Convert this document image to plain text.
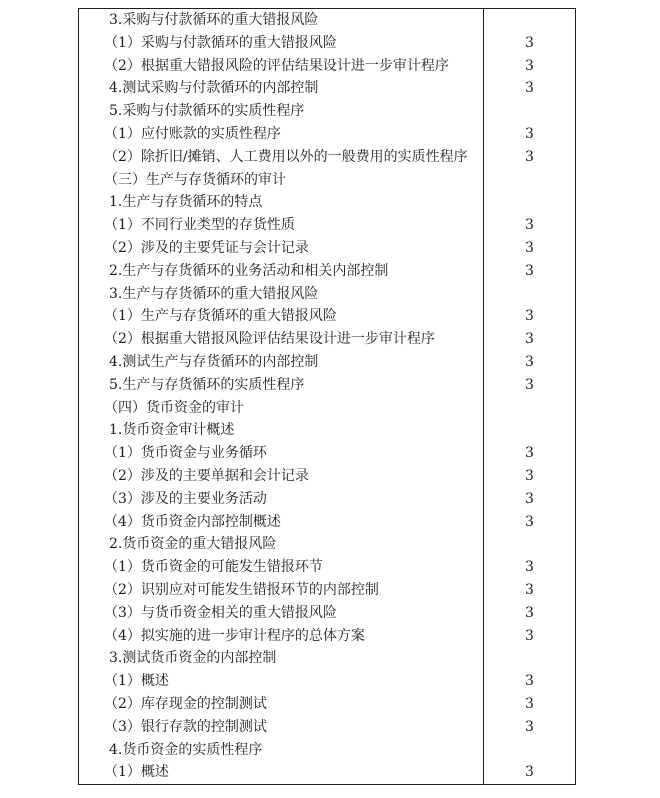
3.采购与付款循环的重大错报风险	
（1）采购与付款循环的重大错报风险	3
（2）根据重大错报风险的评估结果设计进一步审计程序	3
4.测试采购与付款循环的内部控制	3
5.采购与付款循环的实质性程序	
（1）应付账款的实质性程序	3
（2）除折旧/摊销、人工费用以外的一般费用的实质性程序	3
（三）生产与存货循环的审计	
1.生产与存货循环的特点	
（1）不同行业类型的存货性质	3
（2）涉及的主要凭证与会计记录	3
2.生产与存货循环的业务活动和相关内部控制	3
3.生产与存货循环的重大错报风险	
（1）生产与存货循环的重大错报风险	3
（2）根据重大错报风险评估结果设计进一步审计程序	3
4.测试生产与存货循环的内部控制	3
5.生产与存货循环的实质性程序	3
（四）货币资金的审计	
1.货币资金审计概述	
（1）货币资金与业务循环	3
（2）涉及的主要单据和会计记录	3
（3）涉及的主要业务活动	3
（4）货币资金内部控制概述	3
2.货币资金的重大错报风险	
（1）货币资金的可能发生错报环节	3
（2）识别应对可能发生错报环节的内部控制	3
（3）与货币资金相关的重大错报风险	3
（4）拟实施的进一步审计程序的总体方案	3
3.测试货币资金的内部控制	
（1）概述	3
（2）库存现金的控制测试	3
（3）银行存款的控制测试	3
4.货币资金的实质性程序	
（1）概述	3
